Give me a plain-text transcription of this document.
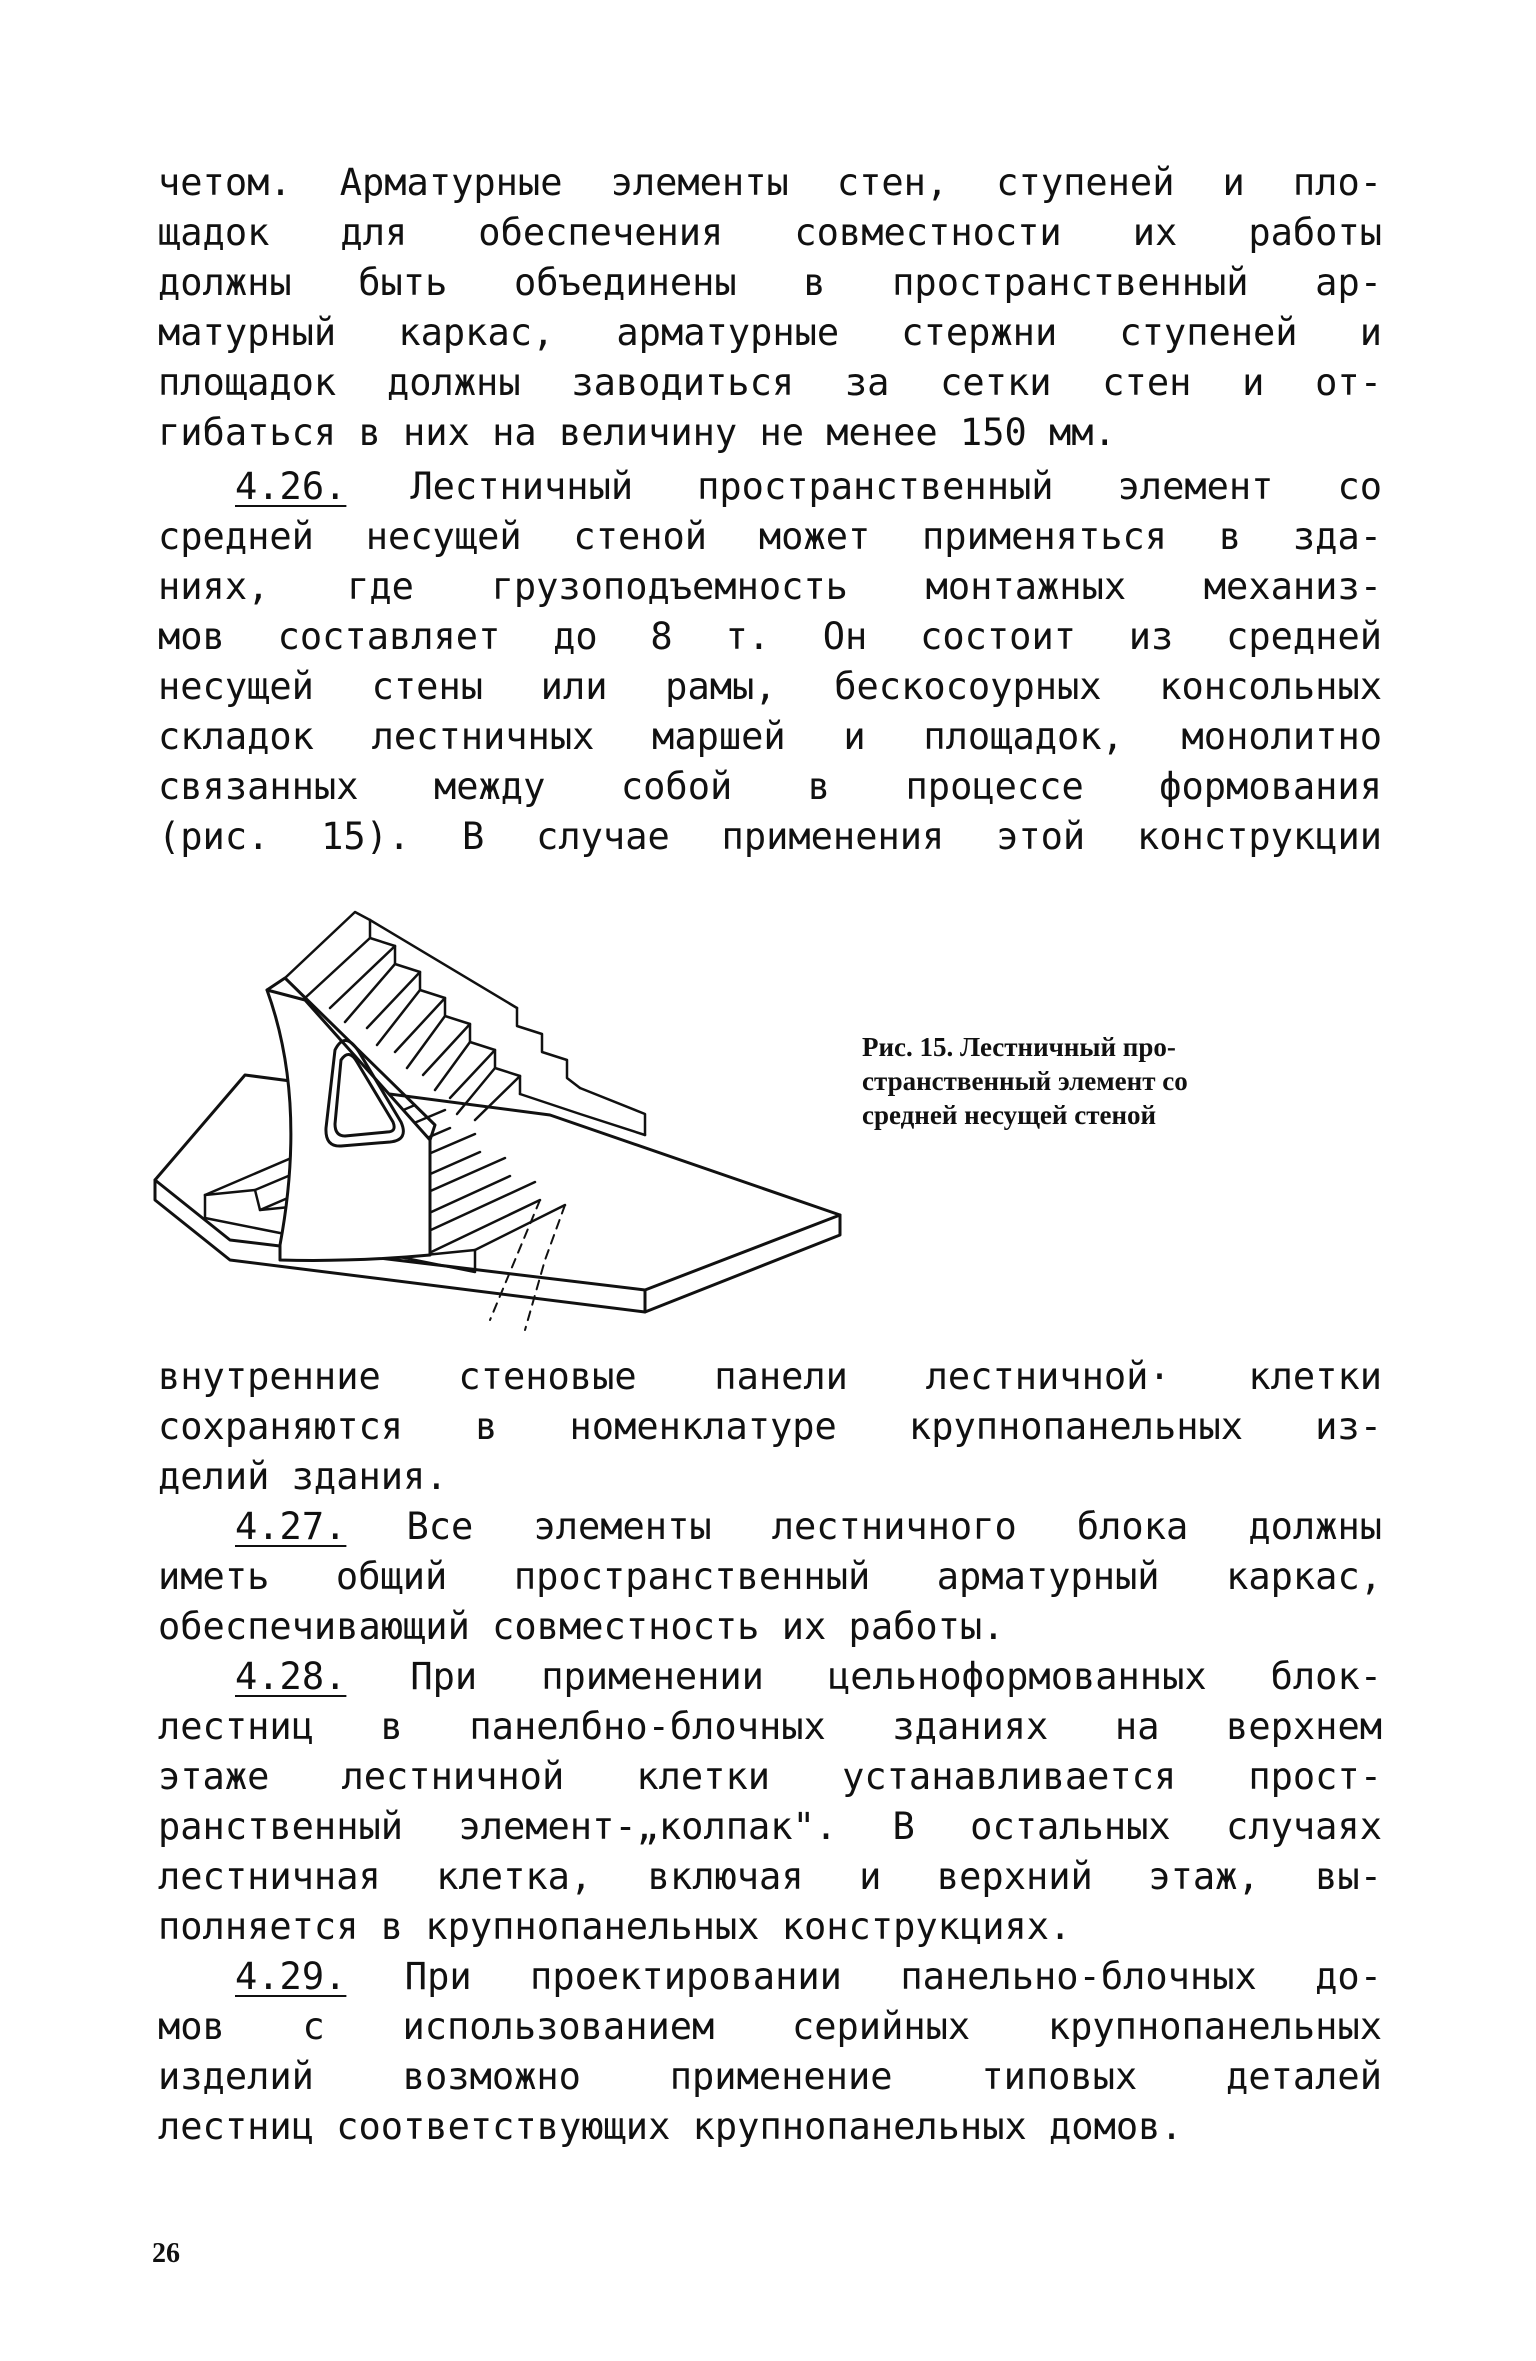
четом. Арматурные элементы стен, ступеней и пло-
щадок для обеспечения совместности их работы
должны быть объединены в пространственный ар-
матурный каркас, арматурные стержни ступеней и
площадок должны заводиться за сетки стен и от-
гибаться в них на величину не менее 150 мм.
4.26. Лестничный пространственный элемент со
средней несущей стеной может применяться в зда-
ниях, где грузоподъемность монтажных механиз-
мов составляет до 8 т. Он состоит из средней
несущей стены или рамы, бескосоурных консольных
складок лестничных маршей и площадок, монолитно
связанных между собой в процессе формования
(рис. 15). В случае применения этой конструкции
Рис. 15. Лестничный про-
странственный элемент со
средней несущей стеной
внутренние стеновые панели лестничной· клетки
сохраняются в номенклатуре крупнопанельных из-
делий здания.
4.27. Все элементы лестничного блока должны
иметь общий пространственный арматурный каркас,
обеспечивающий совместность их работы.
4.28. При применении цельноформованных блок-
лестниц в панелбно-блочных зданиях на верхнем
этаже лестничной клетки устанавливается прост-
ранственный элемент-„колпак". В остальных случаях
лестничная клетка, включая и верхний этаж, вы-
полняется в крупнопанельных конструкциях.
4.29. При проектировании панельно-блочных до-
мов с использованием серийных крупнопанельных
изделий возможно применение типовых деталей
лестниц соответствующих крупнопанельных домов.
26
